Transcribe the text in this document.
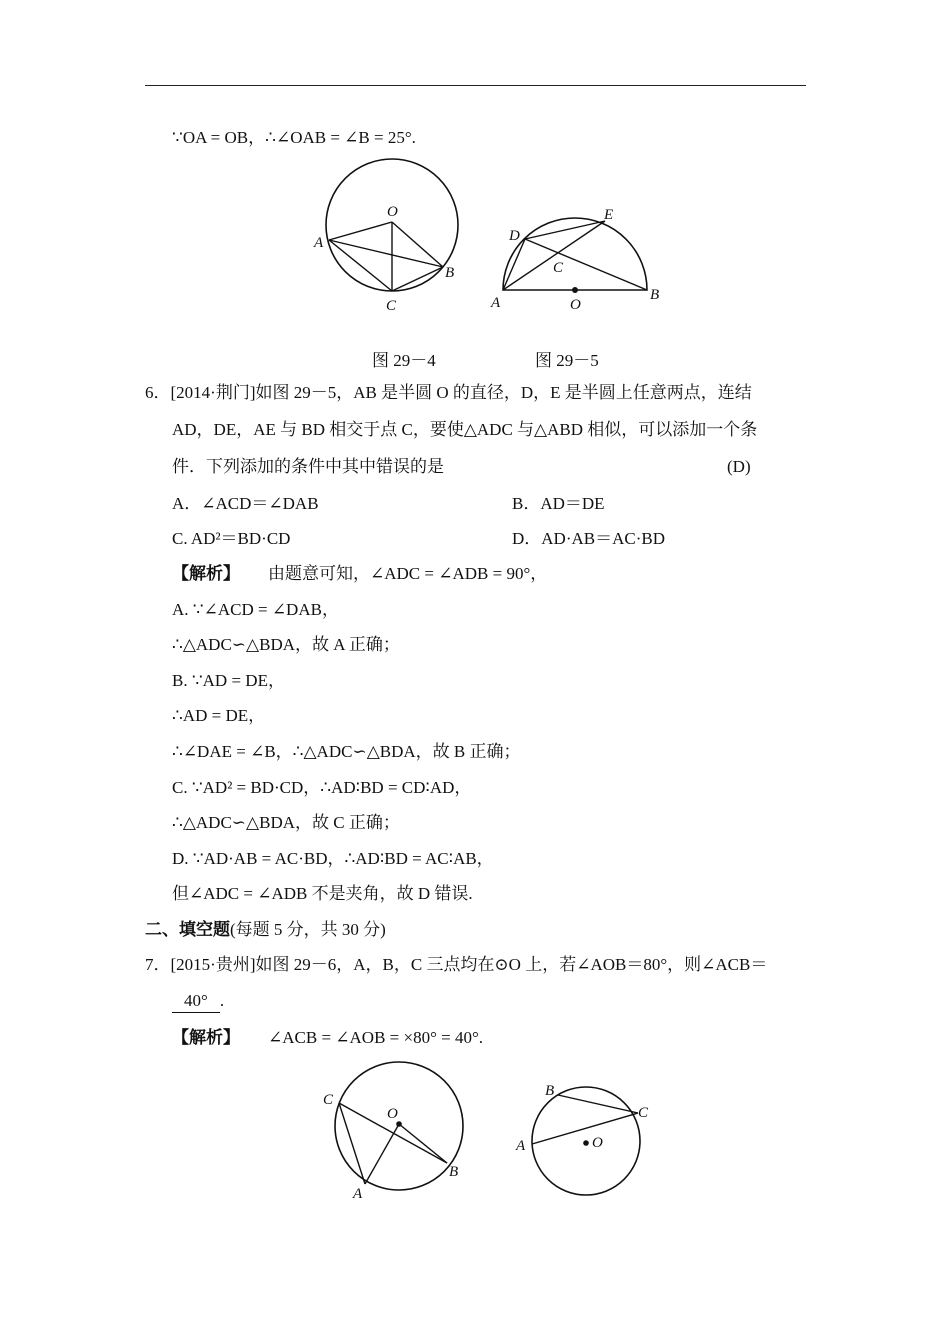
∵OA = OB，∴∠OAB = ∠B = 25°.
O
A
B
C
D
E
C
A	O
B
图 29－4	图 29－5
6．[2014·荆门]如图 29－5，AB 是半圆 O 的直径，D，E 是半圆上任意两点，连结
AD，DE，AE 与 BD 相交于点 C，要使△ADC 与△ABD 相似，可以添加一个条
件．下列添加的条件中其中错误的是	(D)
A．∠ACD＝∠DAB	B．AD＝DE
C. AD²＝BD·CD	D．AD·AB＝AC·BD
【解析】 由题意可知，∠ADC = ∠ADB = 90°，
A. ∵∠ACD = ∠DAB，
∴△ADC∽△BDA，故 A 正确；
B. ∵AD = DE，
∴AD = DE，
∴∠DAE = ∠B，∴△ADC∽△BDA，故 B 正确；
C. ∵AD² = BD·CD，∴AD∶BD = CD∶AD，
∴△ADC∽△BDA，故 C 正确；
D. ∵AD·AB = AC·BD，∴AD∶BD = AC∶AB，
但∠ADC = ∠ADB 不是夹角，故 D 错误.
二、填空题(每题 5 分，共 30 分)
7．[2015·贵州]如图 29－6，A，B，C 三点均在⊙O 上，若∠AOB＝80°，则∠ACB＝
40° .
【解析】 ∠ACB = ∠AOB = ×80° = 40°.
C
O
B
A
B
C
A	O
